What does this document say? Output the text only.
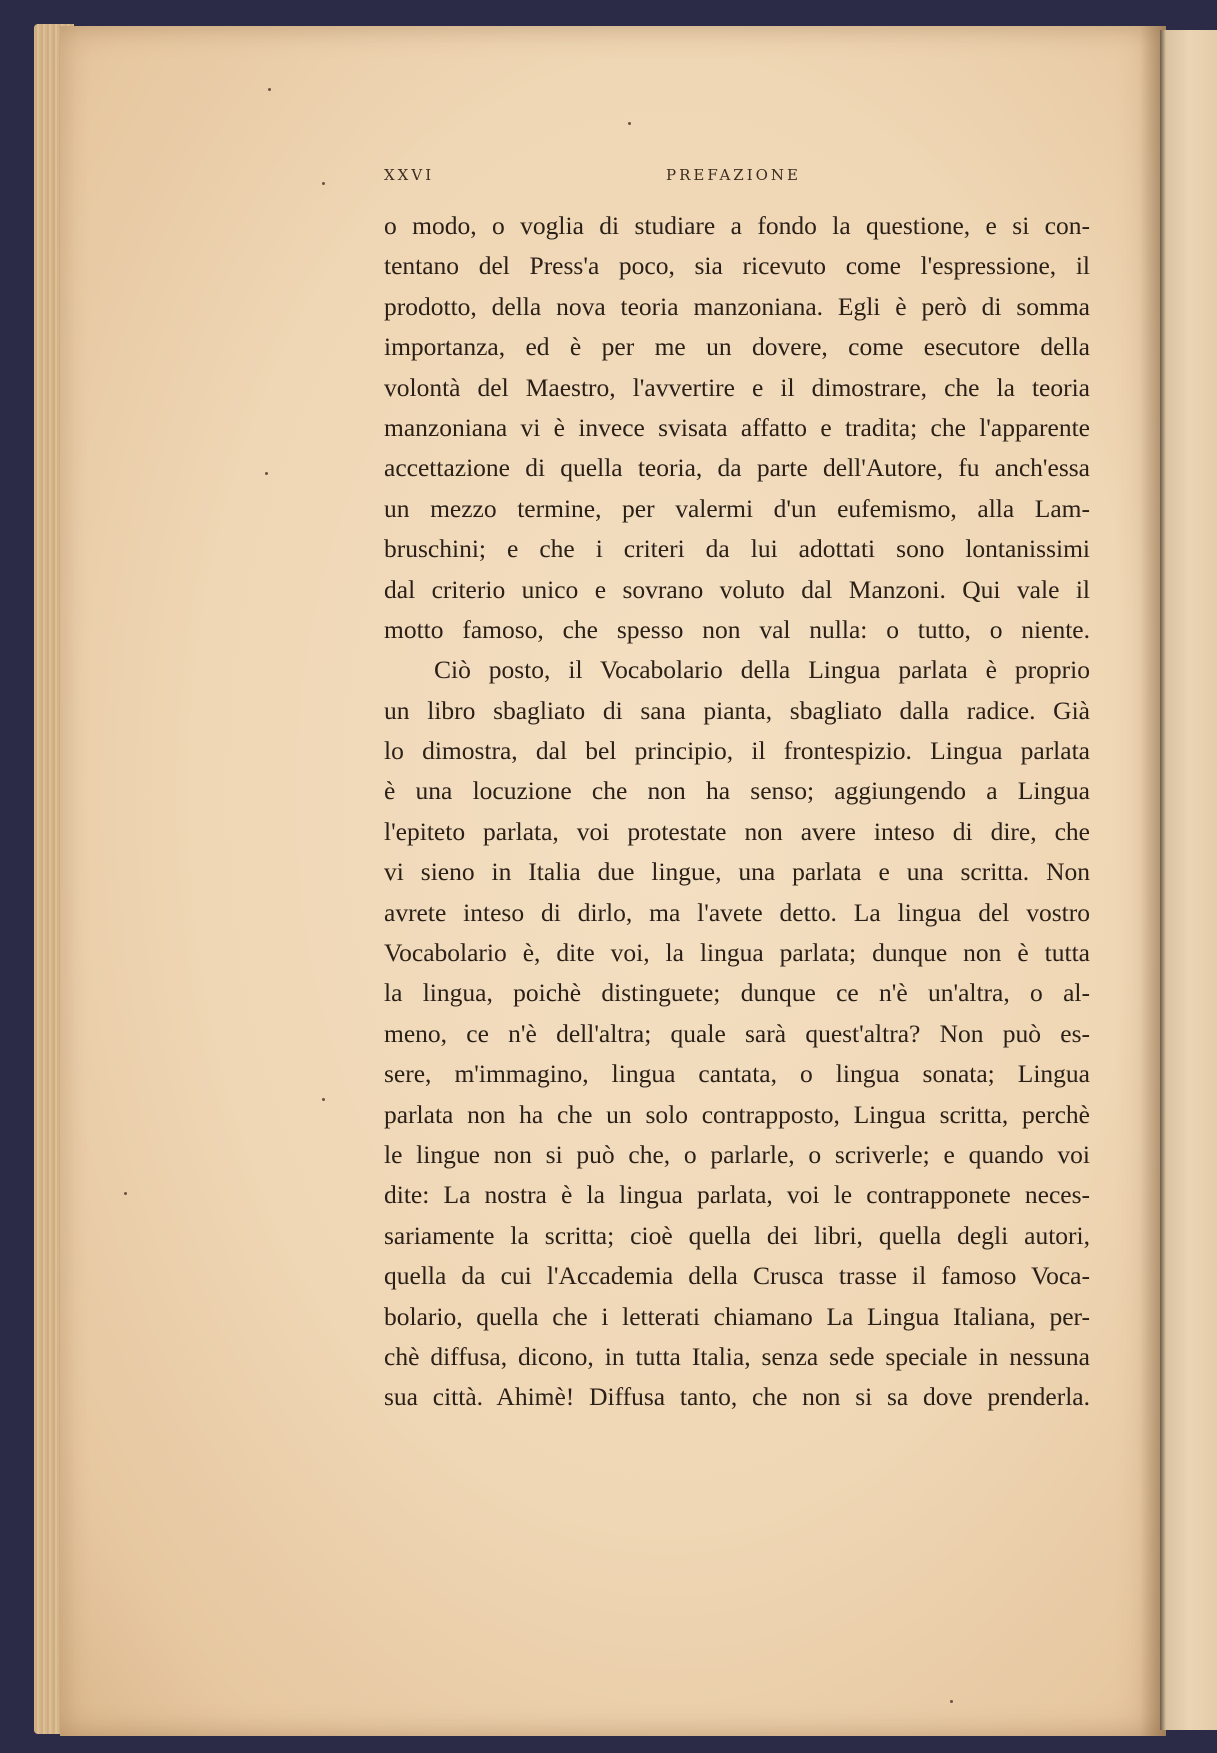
XXVI	PREFAZIONE
o modo, o voglia di studiare a fondo la questione, e si con-
tentano del Press'a poco, sia ricevuto come l'espressione, il
prodotto, della nova teoria manzoniana. Egli è però di somma
importanza, ed è per me un dovere, come esecutore della
volontà del Maestro, l'avvertire e il dimostrare, che la teoria
manzoniana vi è invece svisata affatto e tradita; che l'apparente
accettazione di quella teoria, da parte dell'Autore, fu anch'essa
un mezzo termine, per valermi d'un eufemismo, alla Lam-
bruschini; e che i criteri da lui adottati sono lontanissimi
dal criterio unico e sovrano voluto dal Manzoni. Qui vale il
motto famoso, che spesso non val nulla: o tutto, o niente.
Ciò posto, il Vocabolario della Lingua parlata è proprio
un libro sbagliato di sana pianta, sbagliato dalla radice. Già
lo dimostra, dal bel principio, il frontespizio. Lingua parlata
è una locuzione che non ha senso; aggiungendo a Lingua
l'epiteto parlata, voi protestate non avere inteso di dire, che
vi sieno in Italia due lingue, una parlata e una scritta. Non
avrete inteso di dirlo, ma l'avete detto. La lingua del vostro
Vocabolario è, dite voi, la lingua parlata; dunque non è tutta
la lingua, poichè distinguete; dunque ce n'è un'altra, o al-
meno, ce n'è dell'altra; quale sarà quest'altra? Non può es-
sere, m'immagino, lingua cantata, o lingua sonata; Lingua
parlata non ha che un solo contrapposto, Lingua scritta, perchè
le lingue non si può che, o parlarle, o scriverle; e quando voi
dite: La nostra è la lingua parlata, voi le contrapponete neces-
sariamente la scritta; cioè quella dei libri, quella degli autori,
quella da cui l'Accademia della Crusca trasse il famoso Voca-
bolario, quella che i letterati chiamano La Lingua Italiana, per-
chè diffusa, dicono, in tutta Italia, senza sede speciale in nessuna
sua città. Ahimè! Diffusa tanto, che non si sa dove prenderla.
